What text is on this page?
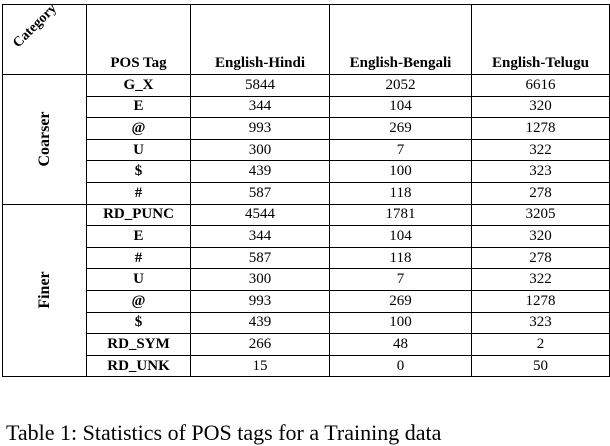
Category	POS Tag	English-Hindi	English-Bengali	English-Telugu

Coarser	G_X	5844	2052	6616
	E	344	104	320
	@	993	269	1278
	U	300	7	322
	$	439	100	323
	#	587	118	278

Finer	RD_PUNC	4544	1781	3205
	E	344	104	320
	#	587	118	278
	U	300	7	322
	@	993	269	1278
	$	439	100	323
	RD_SYM	266	48	2
	RD_UNK	15	0	50
Table 1: Statistics of POS tags for a Training data
